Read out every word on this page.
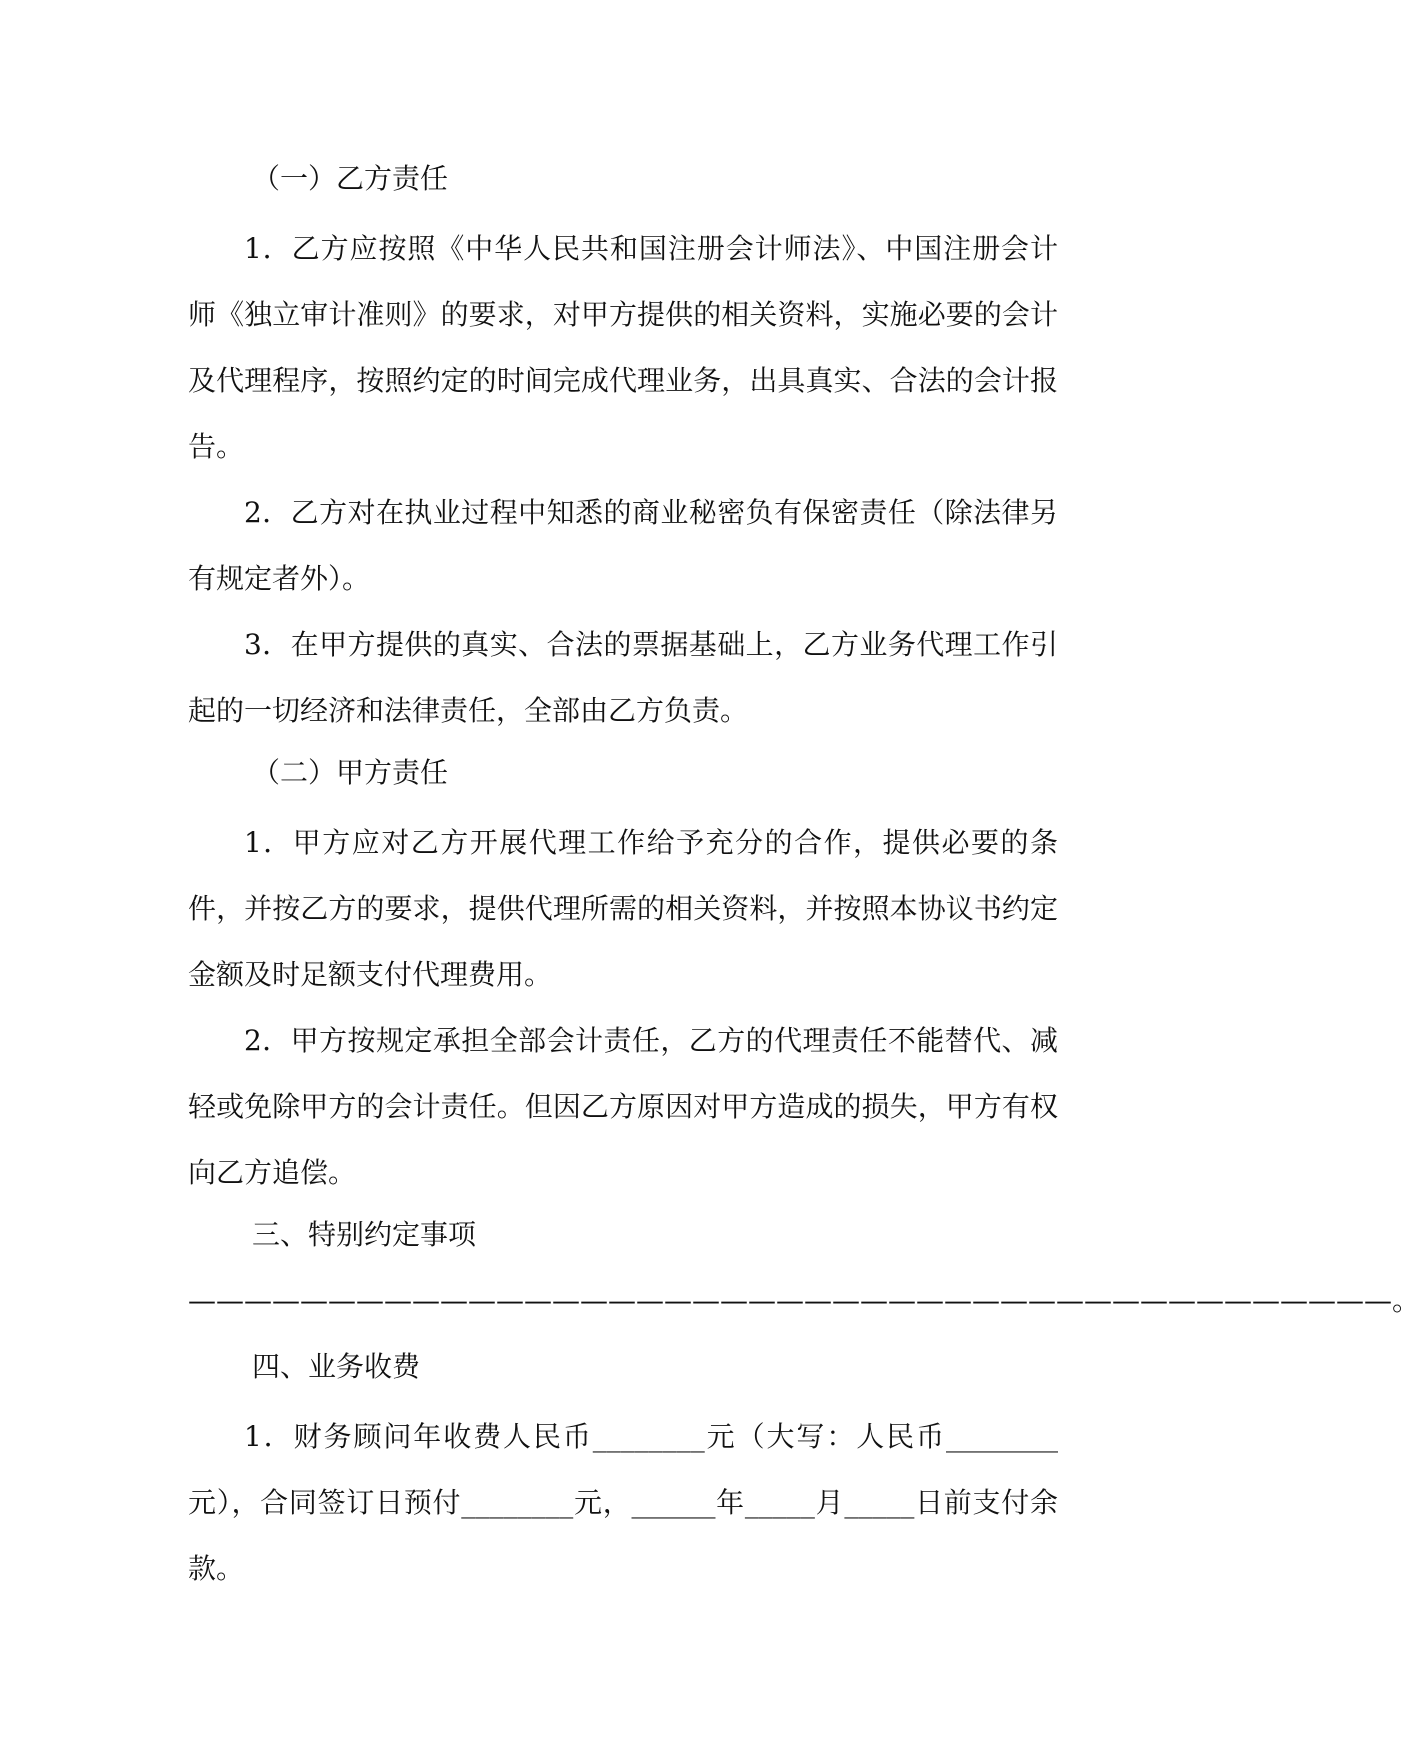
（一）乙方责任

1．乙方应按照《中华人民共和国注册会计师法》、中国注册会计师《独立审计准则》的要求，对甲方提供的相关资料，实施必要的会计及代理程序，按照约定的时间完成代理业务，出具真实、合法的会计报告。

2．乙方对在执业过程中知悉的商业秘密负有保密责任（除法律另有规定者外）。

3．在甲方提供的真实、合法的票据基础上，乙方业务代理工作引起的一切经济和法律责任，全部由乙方负责。

（二）甲方责任

1．甲方应对乙方开展代理工作给予充分的合作，提供必要的条件，并按乙方的要求，提供代理所需的相关资料，并按照本协议书约定金额及时足额支付代理费用。

2．甲方按规定承担全部会计责任，乙方的代理责任不能替代、减轻或免除甲方的会计责任。但因乙方原因对甲方造成的损失，甲方有权向乙方追偿。

三、特别约定事项
———————————————————————————————————————————。
四、业务收费

1．财务顾问年收费人民币________元（大写：人民币________元），合同签订日预付________元，______年_____月_____日前支付余款。
